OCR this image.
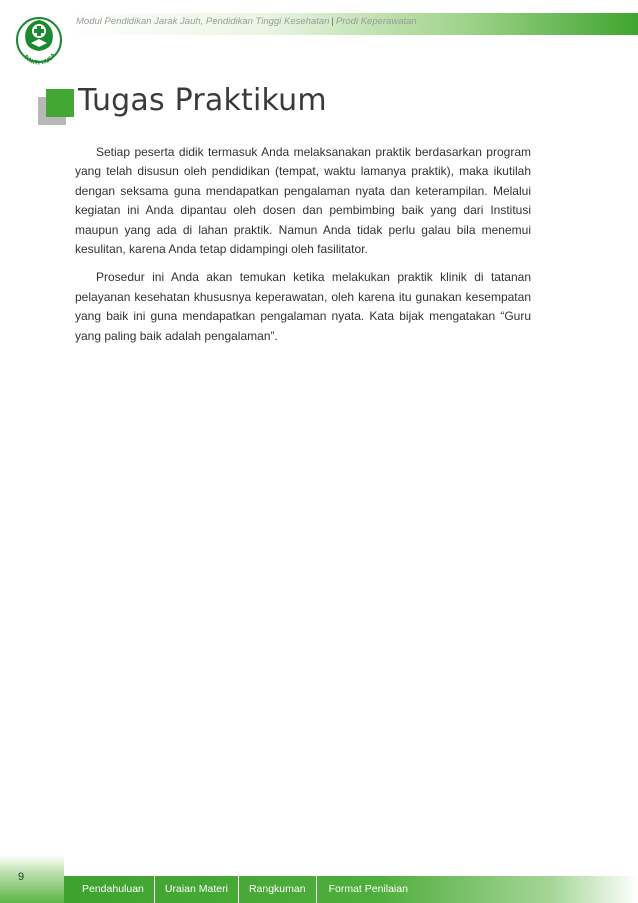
Modul Pendidikan Jarak Jauh, Pendidikan Tinggi Kesehatan | Prodi Keperawatan
BAKTI HUSA
Tugas Praktikum

Setiap peserta didik termasuk Anda melaksanakan praktik berdasarkan program yang telah disusun oleh pendidikan (tempat, waktu lamanya praktik), maka ikutilah dengan seksama guna mendapatkan pengalaman nyata dan keterampilan. Melalui kegiatan ini Anda dipantau oleh dosen dan pembimbing baik yang dari Institusi maupun yang ada di lahan praktik. Namun Anda tidak perlu galau bila menemui kesulitan, karena Anda tetap didampingi oleh fasilitator.

Prosedur ini Anda akan temukan ketika melakukan praktik klinik di tatanan pelayanan kesehatan khususnya keperawatan, oleh karena itu gunakan kesempatan yang baik ini guna mendapatkan pengalaman nyata. Kata bijak mengatakan “Guru yang paling baik adalah pengalaman”.

9
Pendahuluan	Uraian Materi	Rangkuman	Format Penilaian
